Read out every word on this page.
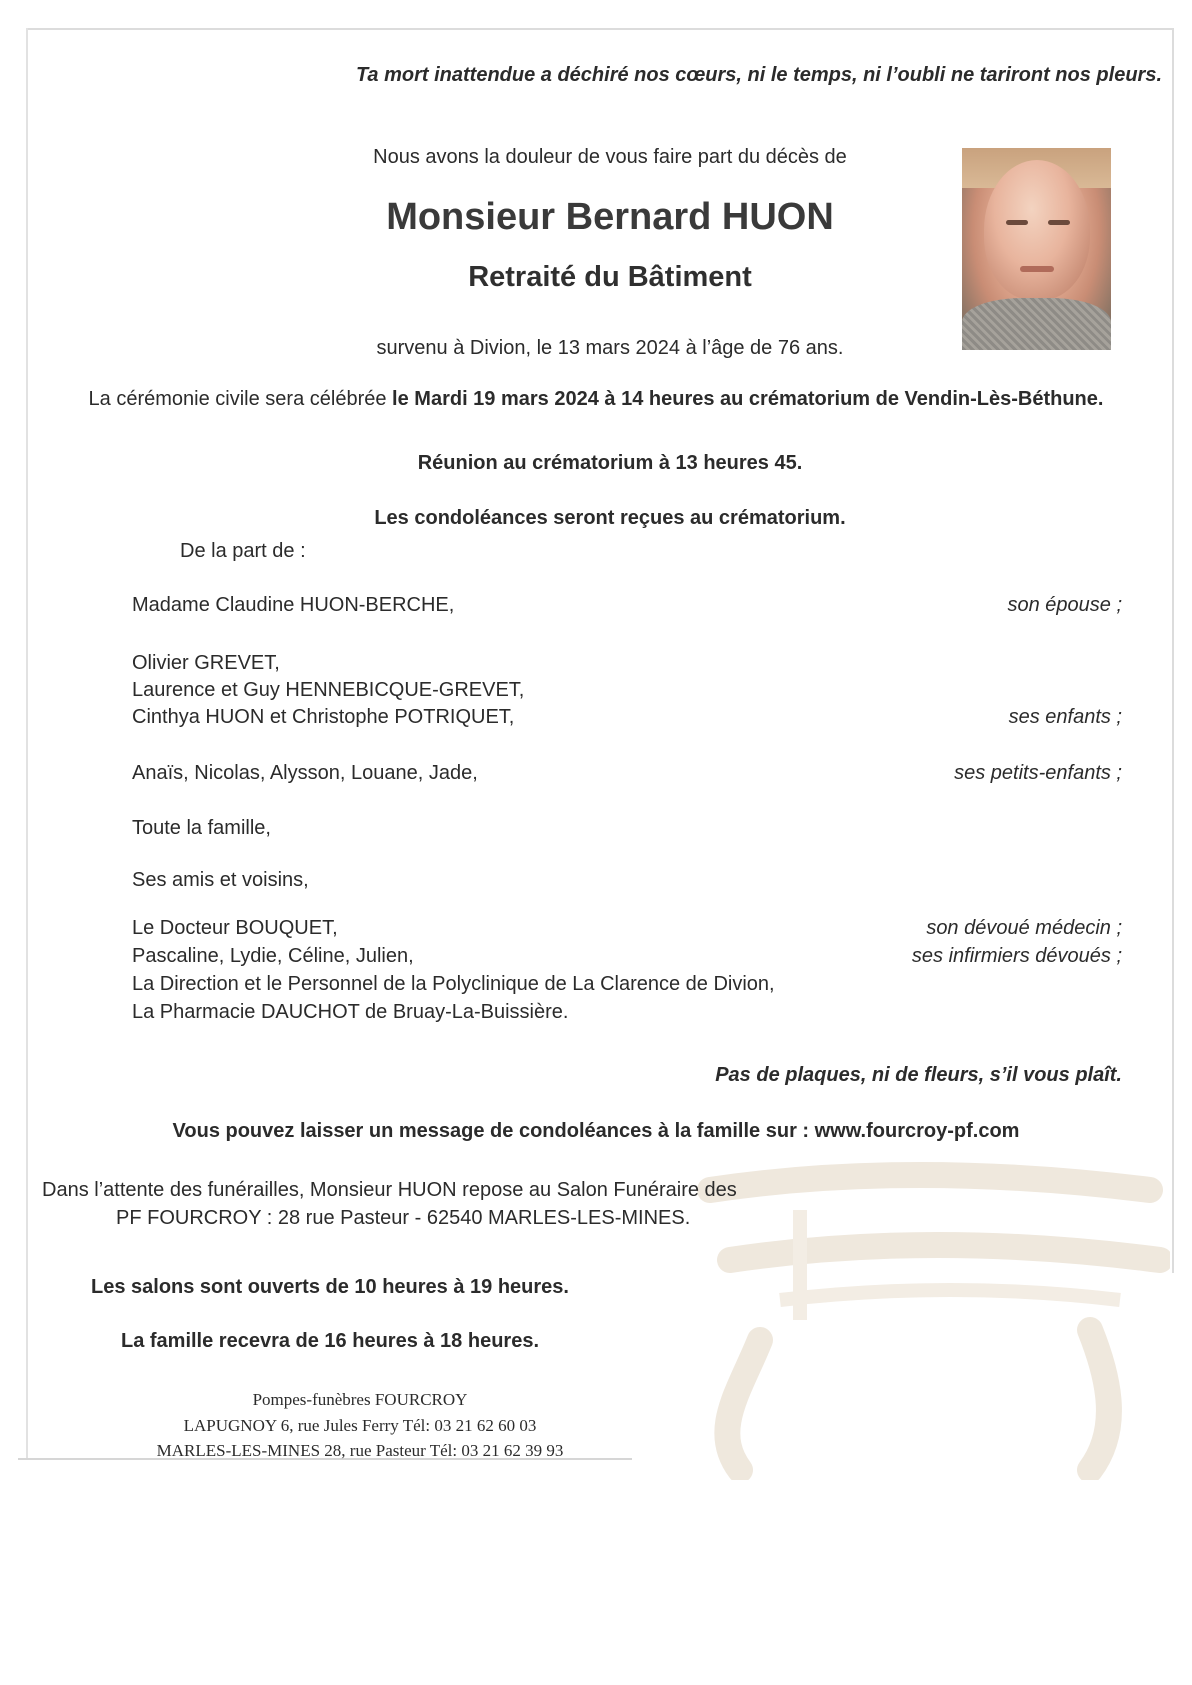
Ta mort inattendue a déchiré nos cœurs, ni le temps, ni l’oubli ne tariront nos pleurs.
Nous avons la douleur de vous faire part du décès de
Monsieur Bernard HUON
Retraité du Bâtiment
survenu à Divion, le 13 mars 2024 à l’âge de 76 ans.
La cérémonie civile sera célébrée le Mardi 19 mars 2024 à 14 heures au crématorium de Vendin-Lès-Béthune.
Réunion au crématorium à 13 heures 45.
Les condoléances seront reçues au crématorium.
De la part de :
Madame Claudine HUON-BERCHE,	son épouse ;
Olivier GREVET,
Laurence et Guy HENNEBICQUE-GREVET,
Cinthya HUON et Christophe POTRIQUET,	ses enfants ;
Anaïs, Nicolas, Alysson, Louane, Jade,	ses petits-enfants ;
Toute la famille,
Ses amis et voisins,
Le Docteur BOUQUET,	son dévoué médecin ;
Pascaline, Lydie, Céline, Julien,	ses infirmiers dévoués ;
La Direction et le Personnel de la Polyclinique de La Clarence de Divion,
La Pharmacie DAUCHOT de Bruay-La-Buissière.
Pas de plaques, ni de fleurs, s’il vous plaît.
Vous pouvez laisser un message de condoléances à la famille sur : www.fourcroy-pf.com
Dans l’attente des funérailles, Monsieur HUON repose au Salon Funéraire des
PF FOURCROY : 28 rue Pasteur - 62540 MARLES-LES-MINES.
Les salons sont ouverts de 10 heures à 19 heures.
La famille recevra de 16 heures à 18 heures.
Pompes-funèbres FOURCROY
LAPUGNOY 6, rue Jules Ferry Tél: 03 21 62 60 03
MARLES-LES-MINES 28, rue Pasteur Tél: 03 21 62 39 93
